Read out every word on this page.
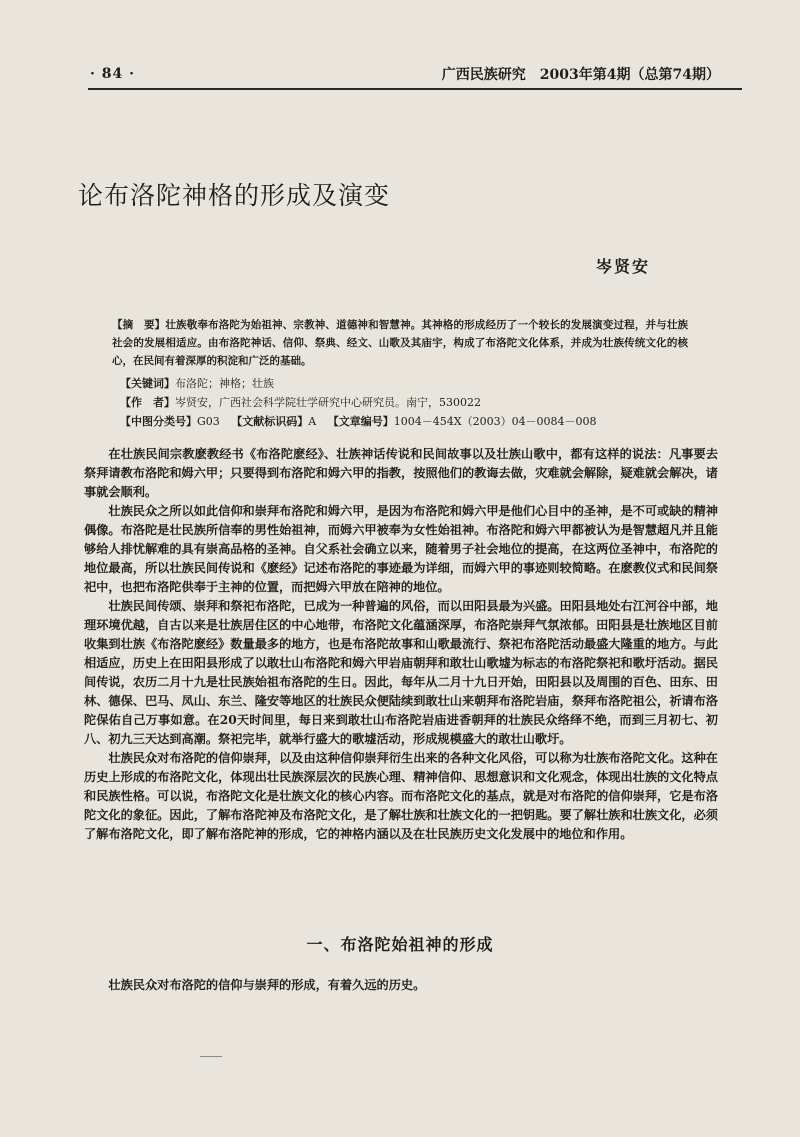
· 84 ·	广西民族研究　2003年第4期（总第74期）
论布洛陀神格的形成及演变
岑贤安

【摘　要】壮族敬奉布洛陀为始祖神、宗教神、道德神和智慧神。其神格的形成经历了一个较长的发展演变过程，并与壮族社会的发展相适应。由布洛陀神话、信仰、祭典、经文、山歌及其庙宇，构成了布洛陀文化体系，并成为壮族传统文化的核心，在民间有着深厚的积淀和广泛的基础。

【关键词】布洛陀；神格；壮族
【作　者】岑贤安，广西社会科学院壮学研究中心研究员。南宁，530022
【中图分类号】G03 【文献标识码】A 【文章编号】1004－454X（2003）04－0084－008

在壮族民间宗教麽教经书《布洛陀麽经》、壮族神话传说和民间故事以及壮族山歌中，都有这样的说法：凡事要去祭拜请教布洛陀和姆六甲；只要得到布洛陀和姆六甲的指教，按照他们的教诲去做，灾难就会解除，疑难就会解决，诸事就会顺利。

壮族民众之所以如此信仰和崇拜布洛陀和姆六甲，是因为布洛陀和姆六甲是他们心目中的圣神，是不可或缺的精神偶像。布洛陀是壮民族所信奉的男性始祖神，而姆六甲被奉为女性始祖神。布洛陀和姆六甲都被认为是智慧超凡并且能够给人排忧解难的具有崇高品格的圣神。自父系社会确立以来，随着男子社会地位的提高，在这两位圣神中，布洛陀的地位最高，所以壮族民间传说和《麽经》记述布洛陀的事迹最为详细，而姆六甲的事迹则较简略。在麽教仪式和民间祭祀中，也把布洛陀供奉于主神的位置，而把姆六甲放在陪神的地位。

壮族民间传颂、崇拜和祭祀布洛陀，已成为一种普遍的风俗，而以田阳县最为兴盛。田阳县地处右江河谷中部，地理环境优越，自古以来是壮族居住区的中心地带，布洛陀文化蕴涵深厚，布洛陀崇拜气氛浓郁。田阳县是壮族地区目前收集到壮族《布洛陀麽经》数量最多的地方，也是布洛陀故事和山歌最流行、祭祀布洛陀活动最盛大隆重的地方。与此相适应，历史上在田阳县形成了以敢壮山布洛陀和姆六甲岩庙朝拜和敢壮山歌墟为标志的布洛陀祭祀和歌圩活动。据民间传说，农历二月十九是壮民族始祖布洛陀的生日。因此，每年从二月十九日开始，田阳县以及周围的百色、田东、田林、德保、巴马、凤山、东兰、隆安等地区的壮族民众便陆续到敢壮山来朝拜布洛陀岩庙，祭拜布洛陀祖公，祈请布洛陀保佑自己万事如意。在20天时间里，每日来到敢壮山布洛陀岩庙进香朝拜的壮族民众络绎不绝，而到三月初七、初八、初九三天达到高潮。祭祀完毕，就举行盛大的歌墟活动，形成规模盛大的敢壮山歌圩。

壮族民众对布洛陀的信仰崇拜，以及由这种信仰崇拜衍生出来的各种文化风俗，可以称为壮族布洛陀文化。这种在历史上形成的布洛陀文化，体现出壮民族深层次的民族心理、精神信仰、思想意识和文化观念，体现出壮族的文化特点和民族性格。可以说，布洛陀文化是壮族文化的核心内容。而布洛陀文化的基点，就是对布洛陀的信仰崇拜，它是布洛陀文化的象征。因此，了解布洛陀神及布洛陀文化，是了解壮族和壮族文化的一把钥匙。要了解壮族和壮族文化，必须了解布洛陀文化，即了解布洛陀神的形成，它的神格内涵以及在壮民族历史文化发展中的地位和作用。

一、布洛陀始祖神的形成

壮族民众对布洛陀的信仰与崇拜的形成，有着久远的历史。
